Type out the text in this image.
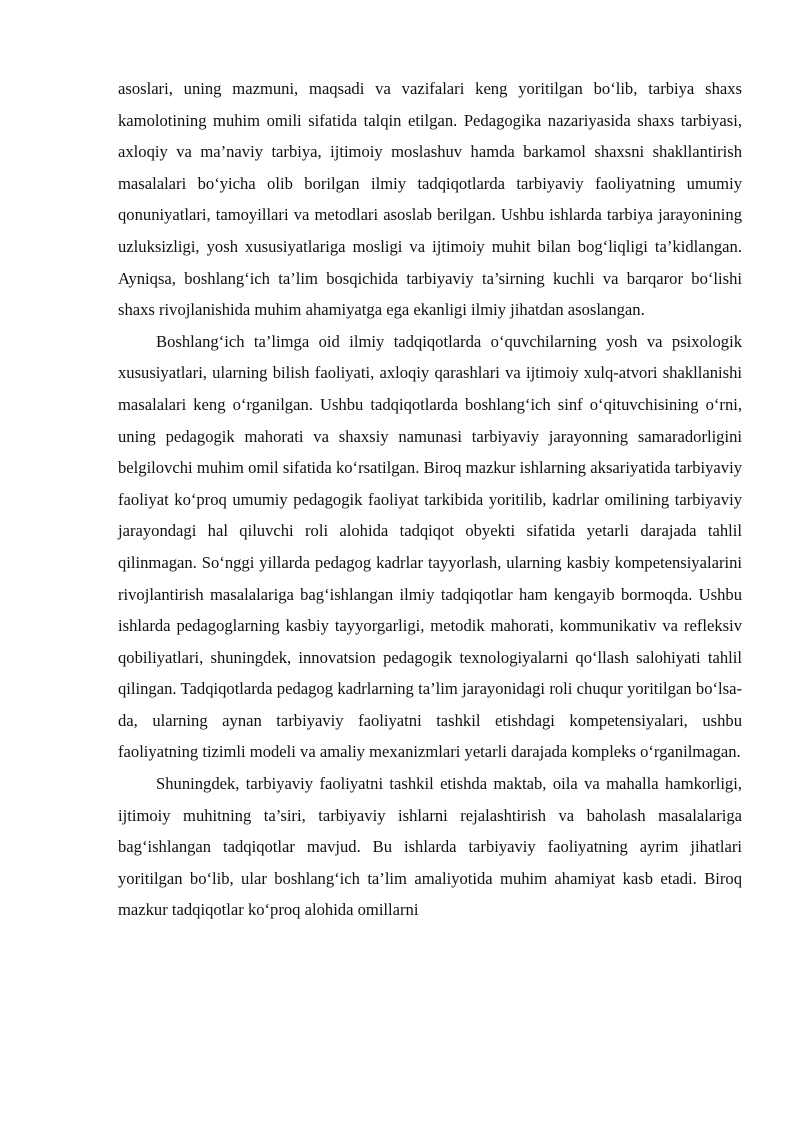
asoslari, uning mazmuni, maqsadi va vazifalari keng yoritilgan bo‘lib, tarbiya shaxs kamolotining muhim omili sifatida talqin etilgan. Pedagogika nazariyasida shaxs tarbiyasi, axloqiy va ma’naviy tarbiya, ijtimoiy moslashuv hamda barkamol shaxsni shakllantirish masalalari bo‘yicha olib borilgan ilmiy tadqiqotlarda tarbiyaviy faoliyatning umumiy qonuniyatlari, tamoyillari va metodlari asoslab berilgan. Ushbu ishlarda tarbiya jarayonining uzluksizligi, yosh xususiyatlariga mosligi va ijtimoiy muhit bilan bog‘liqligi ta’kidlangan. Ayniqsa, boshlang‘ich ta’lim bosqichida tarbiyaviy ta’sirning kuchli va barqaror bo‘lishi shaxs rivojlanishida muhim ahamiyatga ega ekanligi ilmiy jihatdan asoslangan.

Boshlang‘ich ta’limga oid ilmiy tadqiqotlarda o‘quvchilarning yosh va psixologik xususiyatlari, ularning bilish faoliyati, axloqiy qarashlari va ijtimoiy xulq-atvori shakllanishi masalalari keng o‘rganilgan. Ushbu tadqiqotlarda boshlang‘ich sinf o‘qituvchisining o‘rni, uning pedagogik mahorati va shaxsiy namunasi tarbiyaviy jarayonning samaradorligini belgilovchi muhim omil sifatida ko‘rsatilgan. Biroq mazkur ishlarning aksariyatida tarbiyaviy faoliyat ko‘proq umumiy pedagogik faoliyat tarkibida yoritilib, kadrlar omilining tarbiyaviy jarayondagi hal qiluvchi roli alohida tadqiqot obyekti sifatida yetarli darajada tahlil qilinmagan. So‘nggi yillarda pedagog kadrlar tayyorlash, ularning kasbiy kompetensiyalarini rivojlantirish masalalariga bag‘ishlangan ilmiy tadqiqotlar ham kengayib bormoqda. Ushbu ishlarda pedagoglarning kasbiy tayyorgarligi, metodik mahorati, kommunikativ va refleksiv qobiliyatlari, shuningdek, innovatsion pedagogik texnologiyalarni qo‘llash salohiyati tahlil qilingan. Tadqiqotlarda pedagog kadrlarning ta’lim jarayonidagi roli chuqur yoritilgan bo‘lsa-da, ularning aynan tarbiyaviy faoliyatni tashkil etishdagi kompetensiyalari, ushbu faoliyatning tizimli modeli va amaliy mexanizmlari yetarli darajada kompleks o‘rganilmagan.

Shuningdek, tarbiyaviy faoliyatni tashkil etishda maktab, oila va mahalla hamkorligi, ijtimoiy muhitning ta’siri, tarbiyaviy ishlarni rejalashtirish va baholash masalalariga bag‘ishlangan tadqiqotlar mavjud. Bu ishlarda tarbiyaviy faoliyatning ayrim jihatlari yoritilgan bo‘lib, ular boshlang‘ich ta’lim amaliyotida muhim ahamiyat kasb etadi. Biroq mazkur tadqiqotlar ko‘proq alohida omillarni
